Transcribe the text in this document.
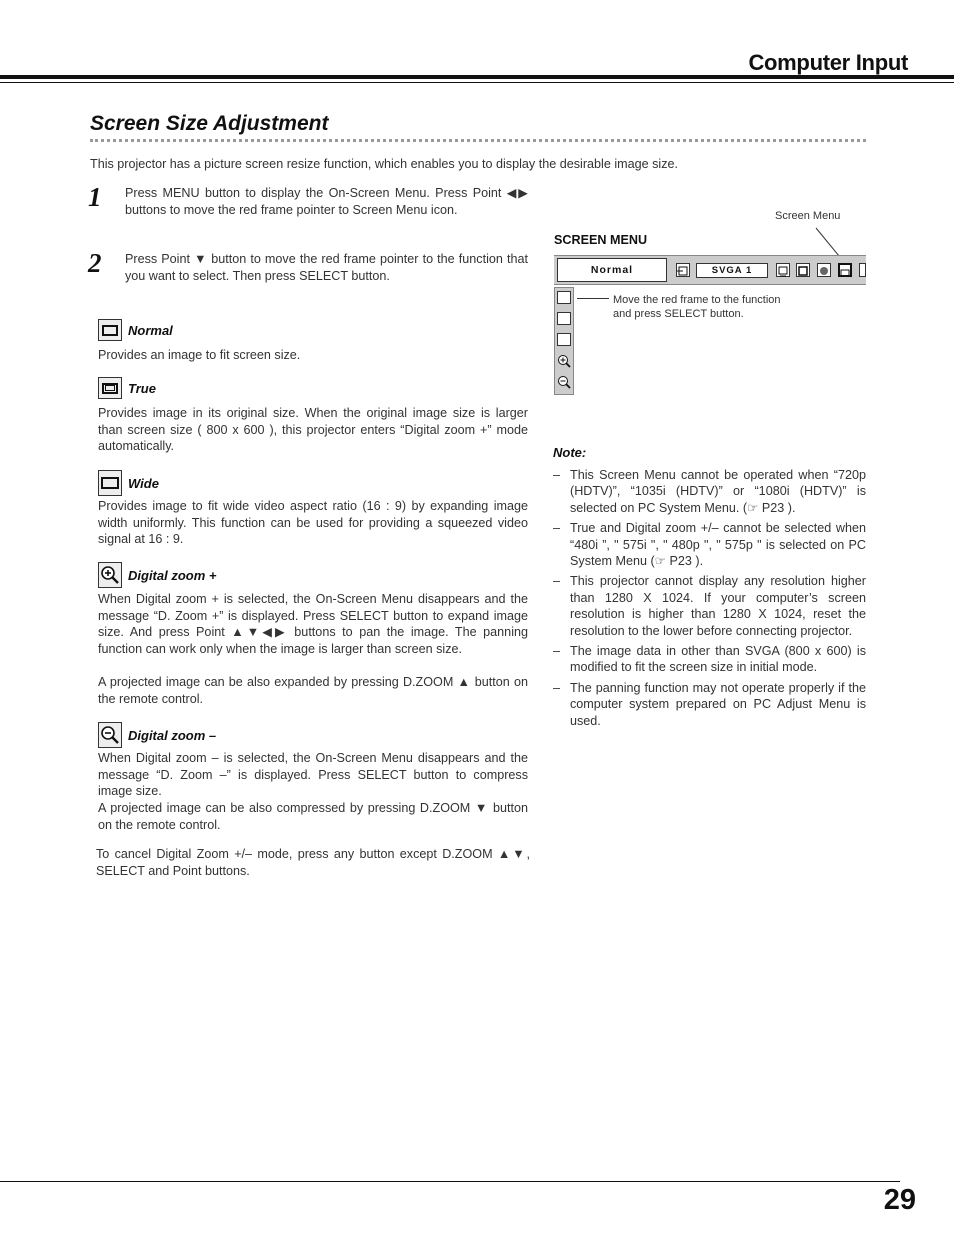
Computer Input
Screen Size Adjustment
This projector has a picture screen resize function, which enables you to display the desirable image size.
1 Press MENU button to display the On-Screen Menu. Press Point ◀▶ buttons to move the red frame pointer to Screen Menu icon.
2 Press Point ▼ button to move the red frame pointer to the function that you want to select. Then press SELECT button.
Normal
Provides an image to fit screen size.
True
Provides image in its original size. When the original image size is larger than screen size ( 800 x 600 ), this projector enters “Digital zoom +” mode automatically.
Wide
Provides image to fit wide video aspect ratio (16 : 9) by expanding image width uniformly. This function can be used for providing a squeezed video signal at 16 : 9.
Digital zoom +
When Digital zoom + is selected, the On-Screen Menu disappears and the message “D. Zoom +” is displayed. Press SELECT button to expand image size. And press Point ▲▼◀▶ buttons to pan the image. The panning function can work only when the image is larger than screen size.
A projected image can be also expanded by pressing D.ZOOM ▲ button on the remote control.
Digital zoom –
When Digital zoom – is selected, the On-Screen Menu disappears and the message “D. Zoom –” is displayed. Press SELECT button to compress image size.
A projected image can be also compressed by pressing D.ZOOM ▼ button on the remote control.
To cancel Digital Zoom +/– mode, press any button except D.ZOOM ▲▼, SELECT and Point buttons.
Screen Menu
SCREEN MENU
Normal	SVGA 1
Move the red frame to the function
and press SELECT button.
Note:
– This Screen Menu cannot be operated when “720p (HDTV)”, “1035i (HDTV)” or “1080i (HDTV)” is selected on PC System Menu. (☞ P23 ).
– True and Digital zoom +/– cannot be selected when “480i ”, " 575i ", " 480p ", " 575p " is selected on PC System Menu (☞ P23 ).
– This projector cannot display any resolution higher than 1280 X 1024. If your computer’s screen resolution is higher than 1280 X 1024, reset the resolution to the lower before connecting projector.
– The image data in other than SVGA (800 x 600) is modified to fit the screen size in initial mode.
– The panning function may not operate properly if the computer system prepared on PC Adjust Menu is used.
29
